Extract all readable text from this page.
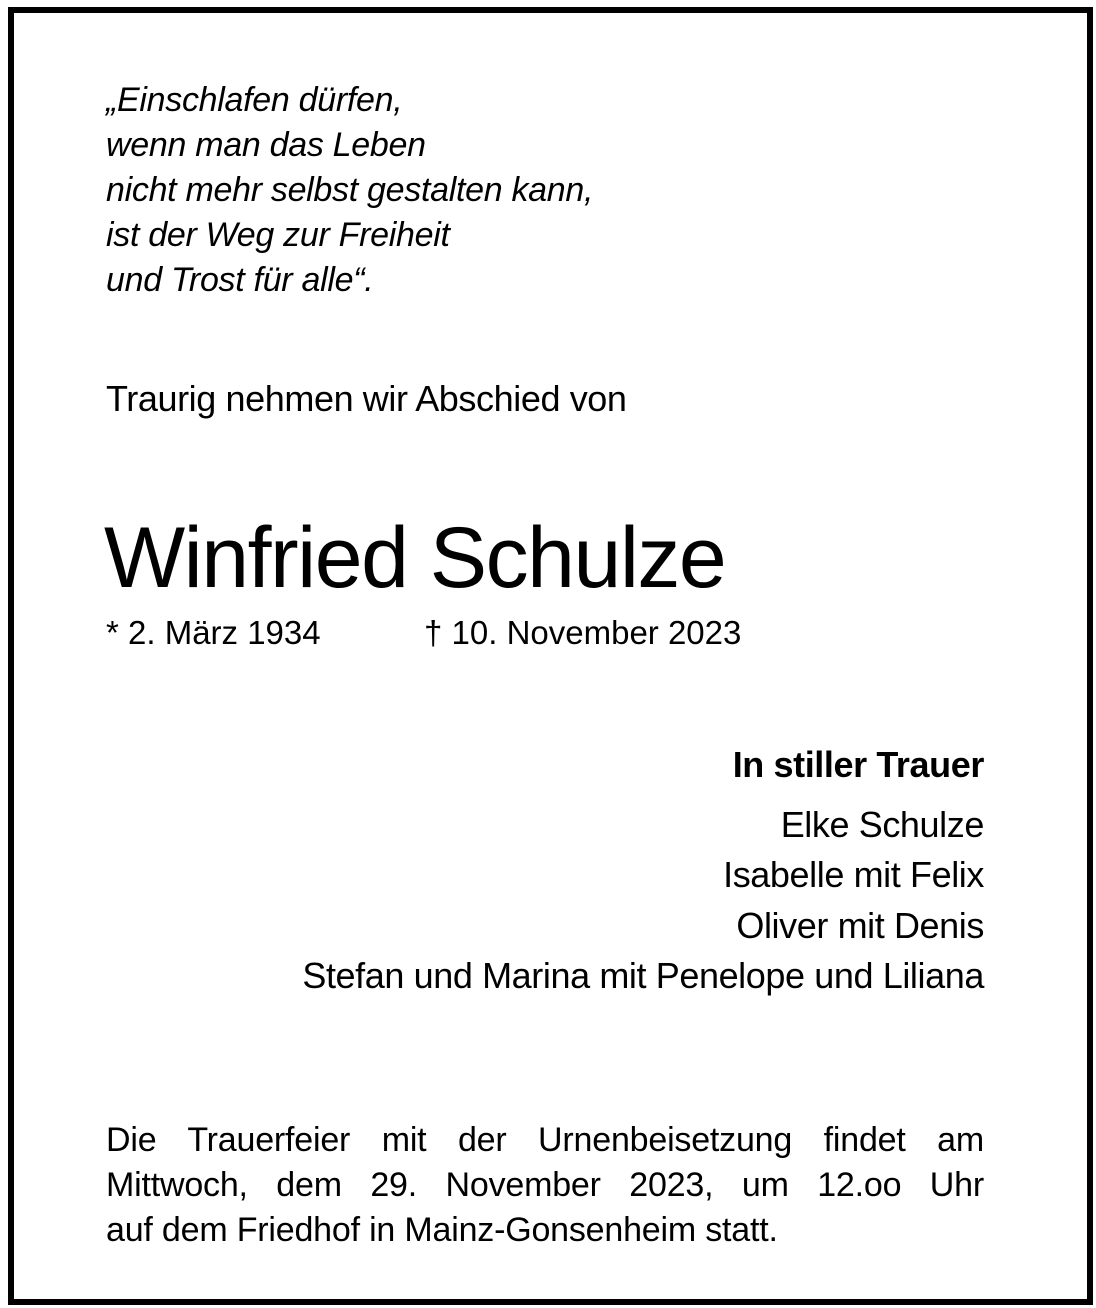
„Einschlafen dürfen,
wenn man das Leben
nicht mehr selbst gestalten kann,
ist der Weg zur Freiheit
und Trost für alle“.
Traurig nehmen wir Abschied von
Winfried Schulze
* 2. März 1934	† 10. November 2023
In stiller Trauer
Elke Schulze
Isabelle mit Felix
Oliver mit Denis
Stefan und Marina mit Penelope und Liliana
Die Trauerfeier mit der Urnenbeisetzung findet am
Mittwoch, dem 29. November 2023, um 12.oo Uhr
auf dem Friedhof in Mainz-Gonsenheim statt.
